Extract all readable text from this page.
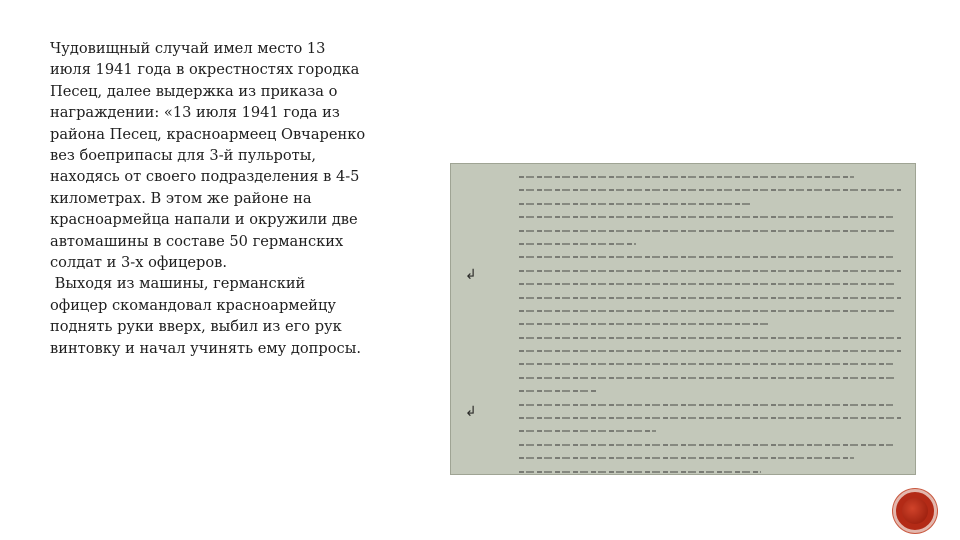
Чудовищный случай имел место 13
июля 1941 года в окрестностях городка
Песец, далее выдержка из приказа о
награждении: «13 июля 1941 года из
района Песец, красноармеец Овчаренко
вез боеприпасы для 3-й пульроты,
находясь от своего подразделения в 4-5
километрах. В этом же районе на
красноармейца напали и окружили две
автомашины в составе 50 германских
солдат и 3-х офицеров.
Выходя из машины, германский
офицер скомандовал красноармейцу
поднять руки вверх, выбил из его рук
винтовку и начал учинять ему допросы.

↲
↲
